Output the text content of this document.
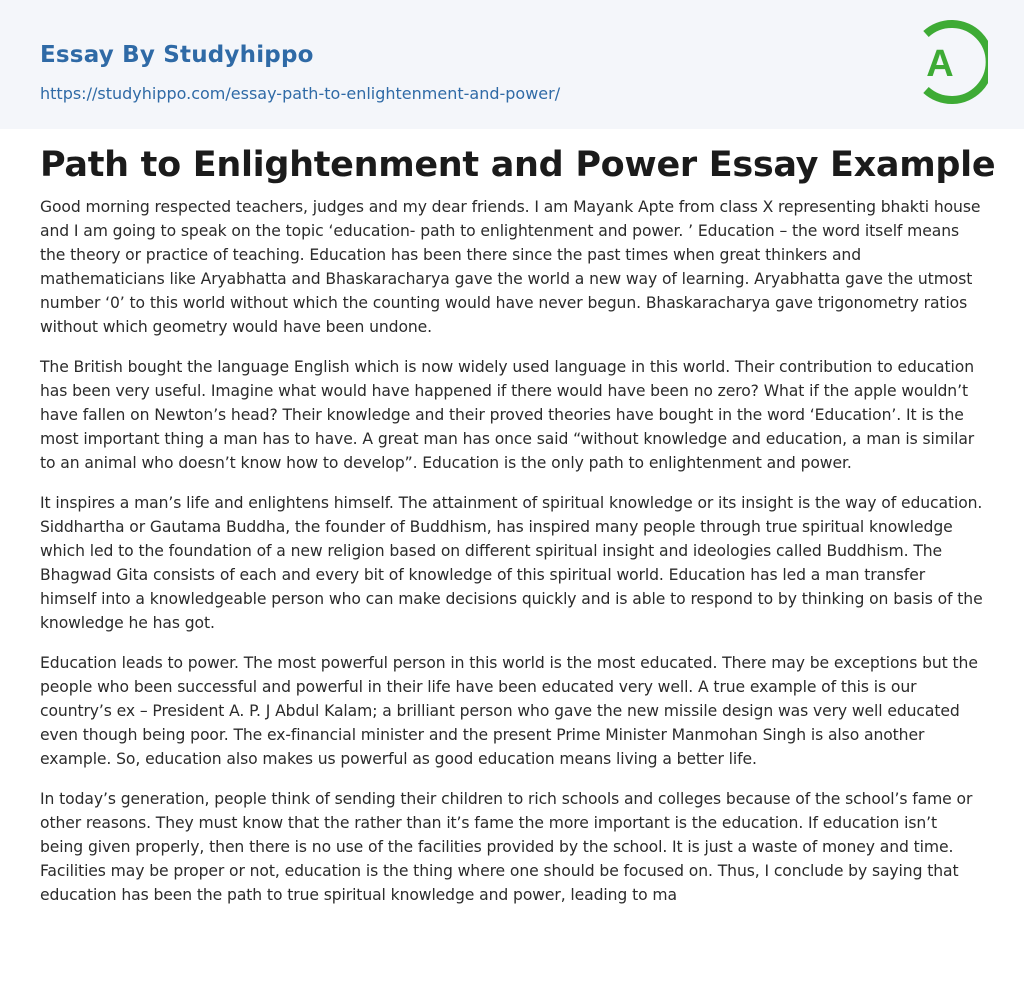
Essay By Studyhippo
https://studyhippo.com/essay-path-to-enlightenment-and-power/
A
Path to Enlightenment and Power Essay Example

Good morning respected teachers, judges and my dear friends. I am Mayank Apte from class X representing bhakti house and I am going to speak on the topic ‘education- path to enlightenment and power. ’ Education – the word itself means the theory or practice of teaching. Education has been there since the past times when great thinkers and mathematicians like Aryabhatta and Bhaskaracharya gave the world a new way of learning. Aryabhatta gave the utmost number ‘0’ to this world without which the counting would have never begun. Bhaskaracharya gave trigonometry ratios without which geometry would have been undone.

The British bought the language English which is now widely used language in this world. Their contribution to education has been very useful. Imagine what would have happened if there would have been no zero? What if the apple wouldn’t have fallen on Newton’s head? Their knowledge and their proved theories have bought in the word ‘Education’. It is the most important thing a man has to have. A great man has once said “without knowledge and education, a man is similar to an animal who doesn’t know how to develop”. Education is the only path to enlightenment and power.

It inspires a man’s life and enlightens himself. The attainment of spiritual knowledge or its insight is the way of education. Siddhartha or Gautama Buddha, the founder of Buddhism, has inspired many people through true spiritual knowledge which led to the foundation of a new religion based on different spiritual insight and ideologies called Buddhism. The Bhagwad Gita consists of each and every bit of knowledge of this spiritual world. Education has led a man transfer himself into a knowledgeable person who can make decisions quickly and is able to respond to by thinking on basis of the knowledge he has got.

Education leads to power. The most powerful person in this world is the most educated. There may be exceptions but the people who been successful and powerful in their life have been educated very well. A true example of this is our country’s ex – President A. P. J Abdul Kalam; a brilliant person who gave the new missile design was very well educated even though being poor. The ex-financial minister and the present Prime Minister Manmohan Singh is also another example. So, education also makes us powerful as good education means living a better life.

In today’s generation, people think of sending their children to rich schools and colleges because of the school’s fame or other reasons. They must know that the rather than it’s fame the more important is the education. If education isn’t being given properly, then there is no use of the facilities provided by the school. It is just a waste of money and time. Facilities may be proper or not, education is the thing where one should be focused on. Thus, I conclude by saying that education has been the path to true spiritual knowledge and power, leading to ma
